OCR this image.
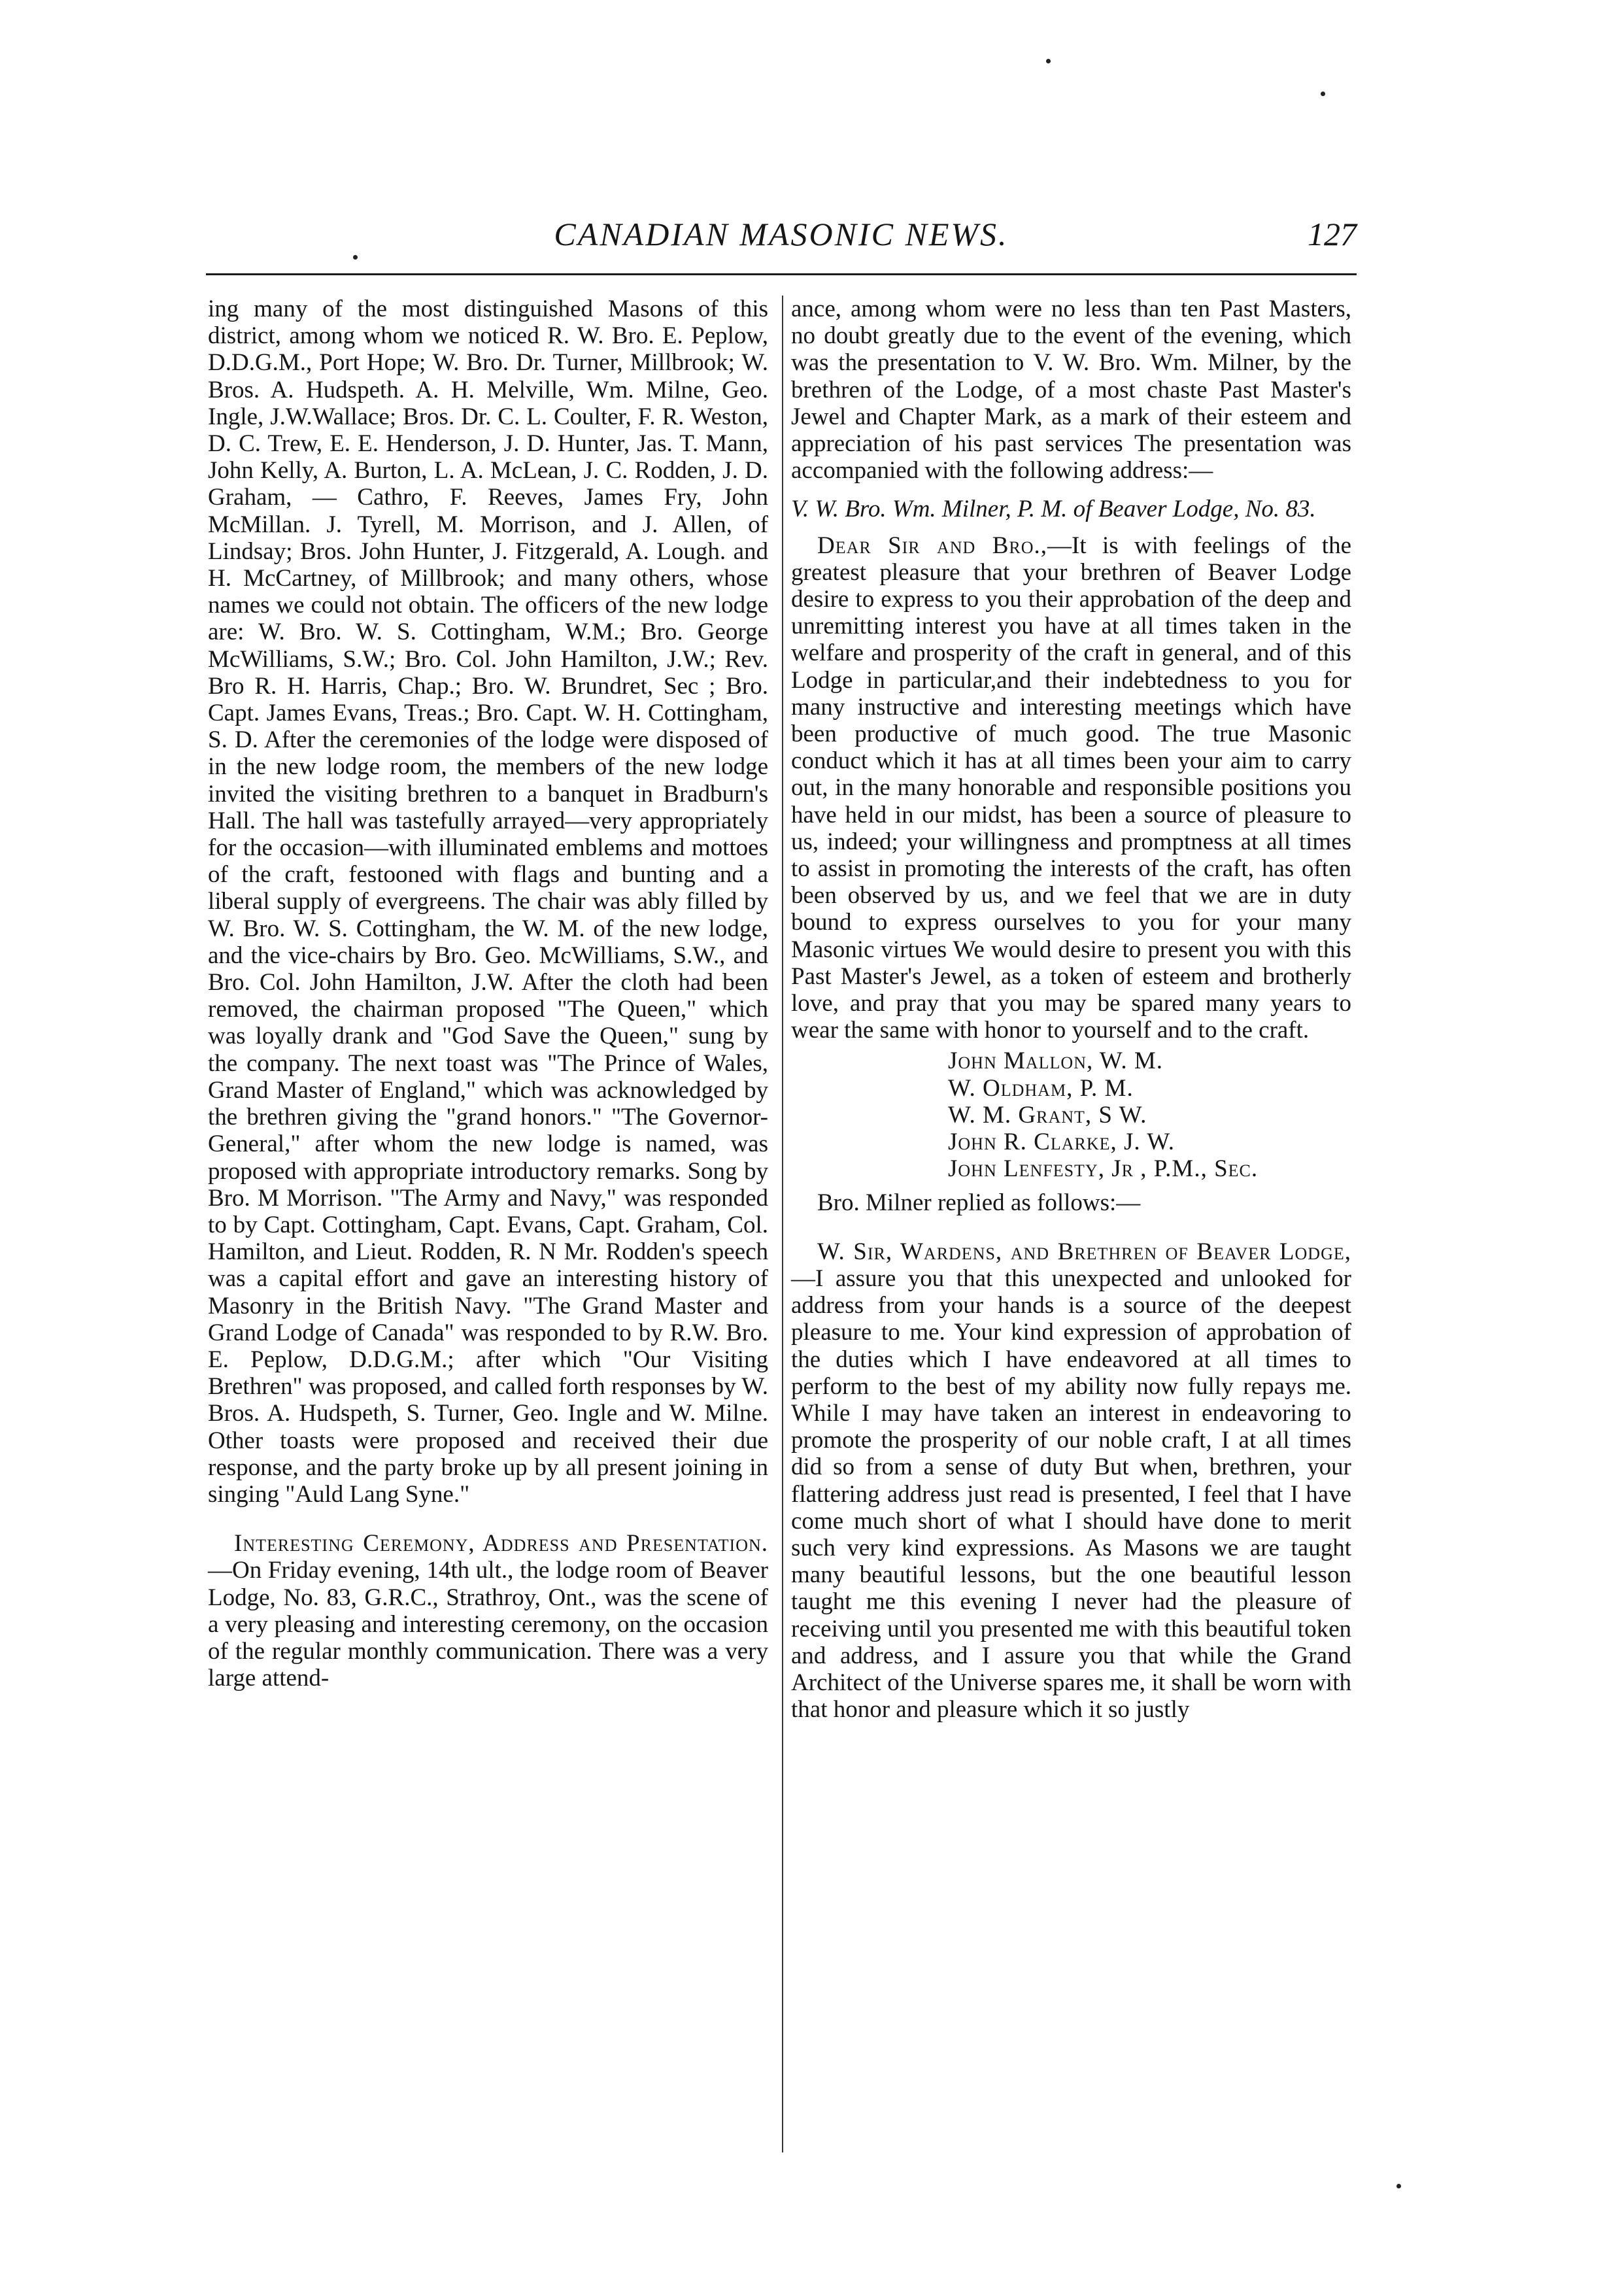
CANADIAN MASONIC NEWS.	127

ing many of the most distinguished Masons of this district, among whom we noticed R. W. Bro. E. Peplow, D.D.G.M., Port Hope; W. Bro. Dr. Turner, Millbrook; W. Bros. A. Hudspeth. A. H. Melville, Wm. Milne, Geo. Ingle, J.W.Wallace; Bros. Dr. C. L. Coulter, F. R. Weston, D. C. Trew, E. E. Henderson, J. D. Hunter, Jas. T. Mann, John Kelly, A. Burton, L. A. McLean, J. C. Rodden, J. D. Graham, — Cathro, F. Reeves, James Fry, John McMillan. J. Tyrell, M. Morrison, and J. Allen, of Lindsay; Bros. John Hunter, J. Fitzgerald, A. Lough. and H. McCartney, of Millbrook; and many others, whose names we could not obtain. The officers of the new lodge are: W. Bro. W. S. Cottingham, W.M.; Bro. George McWilliams, S.W.; Bro. Col. John Hamilton, J.W.; Rev. Bro R. H. Harris, Chap.; Bro. W. Brundret, Sec ; Bro. Capt. James Evans, Treas.; Bro. Capt. W. H. Cottingham, S. D. After the ceremonies of the lodge were disposed of in the new lodge room, the members of the new lodge invited the visiting brethren to a banquet in Bradburn's Hall. The hall was tastefully arrayed—very appropriately for the occasion—with illuminated emblems and mottoes of the craft, festooned with flags and bunting and a liberal supply of evergreens. The chair was ably filled by W. Bro. W. S. Cottingham, the W. M. of the new lodge, and the vice-chairs by Bro. Geo. McWilliams, S.W., and Bro. Col. John Hamilton, J.W. After the cloth had been removed, the chairman proposed "The Queen," which was loyally drank and "God Save the Queen," sung by the company. The next toast was "The Prince of Wales, Grand Master of England," which was acknowledged by the brethren giving the "grand honors." "The Governor-General," after whom the new lodge is named, was proposed with appropriate introductory remarks. Song by Bro. M Morrison. "The Army and Navy," was responded to by Capt. Cottingham, Capt. Evans, Capt. Graham, Col. Hamilton, and Lieut. Rodden, R. N Mr. Rodden's speech was a capital effort and gave an interesting history of Masonry in the British Navy. "The Grand Master and Grand Lodge of Canada" was responded to by R.W. Bro. E. Peplow, D.D.G.M.; after which "Our Visiting Brethren" was proposed, and called forth responses by W. Bros. A. Hudspeth, S. Turner, Geo. Ingle and W. Milne. Other toasts were proposed and received their due response, and the party broke up by all present joining in singing "Auld Lang Syne."

Interesting Ceremony, Address and Presentation.—On Friday evening, 14th ult., the lodge room of Beaver Lodge, No. 83, G.R.C., Strathroy, Ont., was the scene of a very pleasing and interesting ceremony, on the occasion of the regular monthly communication. There was a very large attend-

ance, among whom were no less than ten Past Masters, no doubt greatly due to the event of the evening, which was the presentation to V. W. Bro. Wm. Milner, by the brethren of the Lodge, of a most chaste Past Master's Jewel and Chapter Mark, as a mark of their esteem and appreciation of his past services The presentation was accompanied with the following address:—

V. W. Bro. Wm. Milner, P. M. of Beaver Lodge, No. 83.

Dear Sir and Bro.,—It is with feelings of the greatest pleasure that your brethren of Beaver Lodge desire to express to you their approbation of the deep and unremitting interest you have at all times taken in the welfare and prosperity of the craft in general, and of this Lodge in particular,and their indebtedness to you for many instructive and interesting meetings which have been productive of much good. The true Masonic conduct which it has at all times been your aim to carry out, in the many honorable and responsible positions you have held in our midst, has been a source of pleasure to us, indeed; your willingness and promptness at all times to assist in promoting the interests of the craft, has often been observed by us, and we feel that we are in duty bound to express ourselves to you for your many Masonic virtues We would desire to present you with this Past Master's Jewel, as a token of esteem and brotherly love, and pray that you may be spared many years to wear the same with honor to yourself and to the craft.

John Mallon, W. M.
W. Oldham, P. M.
W. M. Grant, S W.
John R. Clarke, J. W.
John Lenfesty, Jr , P.M., Sec.

Bro. Milner replied as follows:—

W. Sir, Wardens, and Brethren of Beaver Lodge,—I assure you that this unexpected and unlooked for address from your hands is a source of the deepest pleasure to me. Your kind expression of approbation of the duties which I have endeavored at all times to perform to the best of my ability now fully repays me. While I may have taken an interest in endeavoring to promote the prosperity of our noble craft, I at all times did so from a sense of duty But when, brethren, your flattering address just read is presented, I feel that I have come much short of what I should have done to merit such very kind expressions. As Masons we are taught many beautiful lessons, but the one beautiful lesson taught me this evening I never had the pleasure of receiving until you presented me with this beautiful token and address, and I assure you that while the Grand Architect of the Universe spares me, it shall be worn with that honor and pleasure which it so justly
